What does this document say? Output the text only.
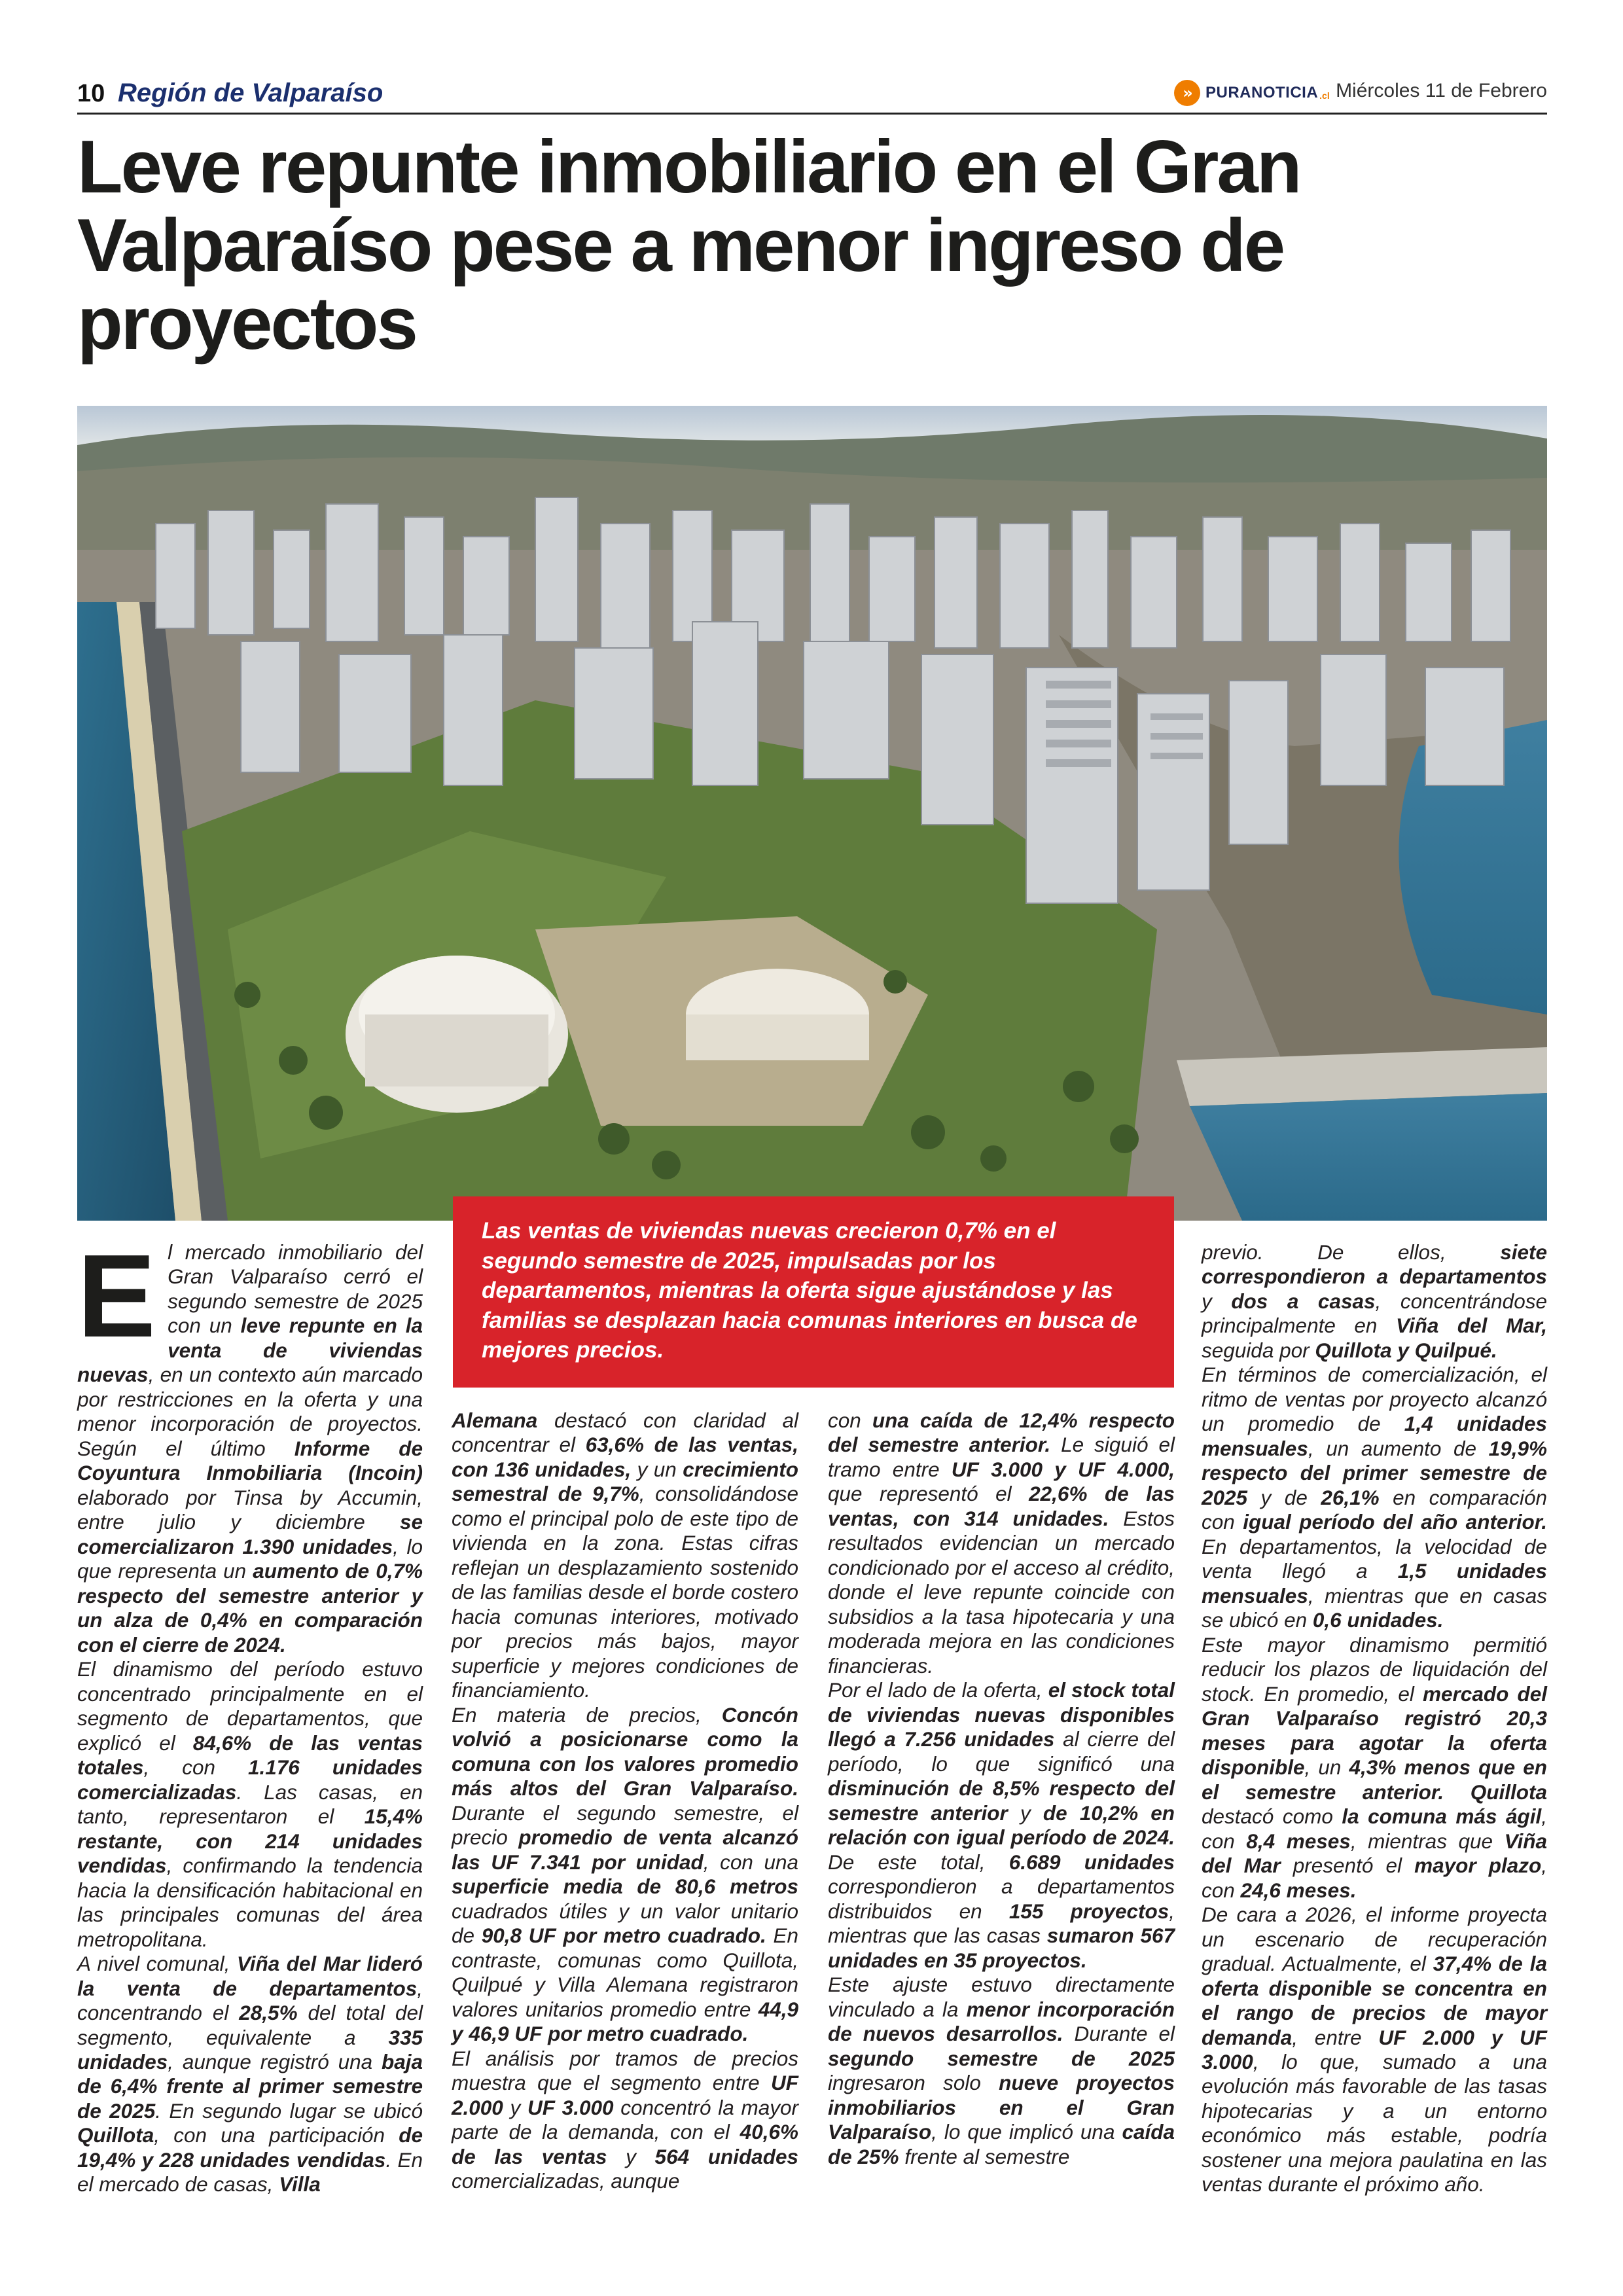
10 Región de Valparaíso	»	PURANOTICIA .cl Miércoles 11 de Febrero
Leve repunte inmobiliario en el Gran Valparaíso pese a menor ingreso de proyectos

Las ventas de viviendas nuevas crecieron 0,7% en el segundo semestre de 2025, impulsadas por los departamentos, mientras la oferta sigue ajustándose y las familias se desplazan hacia comunas interiores en busca de mejores precios.

El mercado inmobiliario del Gran Valparaíso cerró el segundo semestre de 2025 con un leve repunte en la venta de viviendas nuevas, en un contexto aún marcado por restricciones en la oferta y una menor incorporación de proyectos. Según el último Informe de Coyuntura Inmobiliaria (Incoin) elaborado por Tinsa by Accumin, entre julio y diciembre se comercializaron 1.390 unidades, lo que representa un aumento de 0,7% respecto del semestre anterior y un alza de 0,4% en comparación con el cierre de 2024.

El dinamismo del período estuvo concentrado principalmente en el segmento de departamentos, que explicó el 84,6% de las ventas totales, con 1.176 unidades comercializadas. Las casas, en tanto, representaron el 15,4% restante, con 214 unidades vendidas, confirmando la tendencia hacia la densificación habitacional en las principales comunas del área metropolitana.

A nivel comunal, Viña del Mar lideró la venta de departamentos, concentrando el 28,5% del total del segmento, equivalente a 335 unidades, aunque registró una baja de 6,4% frente al primer semestre de 2025. En segundo lugar se ubicó Quillota, con una participación de 19,4% y 228 unidades vendidas. En el mercado de casas, Villa

Alemana destacó con claridad al concentrar el 63,6% de las ventas, con 136 unidades, y un crecimiento semestral de 9,7%, consolidándose como el principal polo de este tipo de vivienda en la zona. Estas cifras reflejan un desplazamiento sostenido de las familias desde el borde costero hacia comunas interiores, motivado por precios más bajos, mayor superficie y mejores condiciones de financiamiento.

En materia de precios, Concón volvió a posicionarse como la comuna con los valores promedio más altos del Gran Valparaíso. Durante el segundo semestre, el precio promedio de venta alcanzó las UF 7.341 por unidad, con una superficie media de 80,6 metros cuadrados útiles y un valor unitario de 90,8 UF por metro cuadrado. En contraste, comunas como Quillota, Quilpué y Villa Alemana registraron valores unitarios promedio entre 44,9 y 46,9 UF por metro cuadrado.

El análisis por tramos de precios muestra que el segmento entre UF 2.000 y UF 3.000 concentró la mayor parte de la demanda, con el 40,6% de las ventas y 564 unidades comercializadas, aunque

con una caída de 12,4% respecto del semestre anterior. Le siguió el tramo entre UF 3.000 y UF 4.000, que representó el 22,6% de las ventas, con 314 unidades. Estos resultados evidencian un mercado condicionado por el acceso al crédito, donde el leve repunte coincide con subsidios a la tasa hipotecaria y una moderada mejora en las condiciones financieras.

Por el lado de la oferta, el stock total de viviendas nuevas disponibles llegó a 7.256 unidades al cierre del período, lo que significó una disminución de 8,5% respecto del semestre anterior y de 10,2% en relación con igual período de 2024. De este total, 6.689 unidades correspondieron a departamentos distribuidos en 155 proyectos, mientras que las casas sumaron 567 unidades en 35 proyectos.

Este ajuste estuvo directamente vinculado a la menor incorporación de nuevos desarrollos. Durante el segundo semestre de 2025 ingresaron solo nueve proyectos inmobiliarios en el Gran Valparaíso, lo que implicó una caída de 25% frente al semestre

previo. De ellos, siete correspondieron a departamentos y dos a casas, concentrándose principalmente en Viña del Mar, seguida por Quillota y Quilpué.

En términos de comercialización, el ritmo de ventas por proyecto alcanzó un promedio de 1,4 unidades mensuales, un aumento de 19,9% respecto del primer semestre de 2025 y de 26,1% en comparación con igual período del año anterior. En departamentos, la velocidad de venta llegó a 1,5 unidades mensuales, mientras que en casas se ubicó en 0,6 unidades.

Este mayor dinamismo permitió reducir los plazos de liquidación del stock. En promedio, el mercado del Gran Valparaíso registró 20,3 meses para agotar la oferta disponible, un 4,3% menos que en el semestre anterior. Quillota destacó como la comuna más ágil, con 8,4 meses, mientras que Viña del Mar presentó el mayor plazo, con 24,6 meses.

De cara a 2026, el informe proyecta un escenario de recuperación gradual. Actualmente, el 37,4% de la oferta disponible se concentra en el rango de precios de mayor demanda, entre UF 2.000 y UF 3.000, lo que, sumado a una evolución más favorable de las tasas hipotecarias y a un entorno económico más estable, podría sostener una mejora paulatina en las ventas durante el próximo año.
